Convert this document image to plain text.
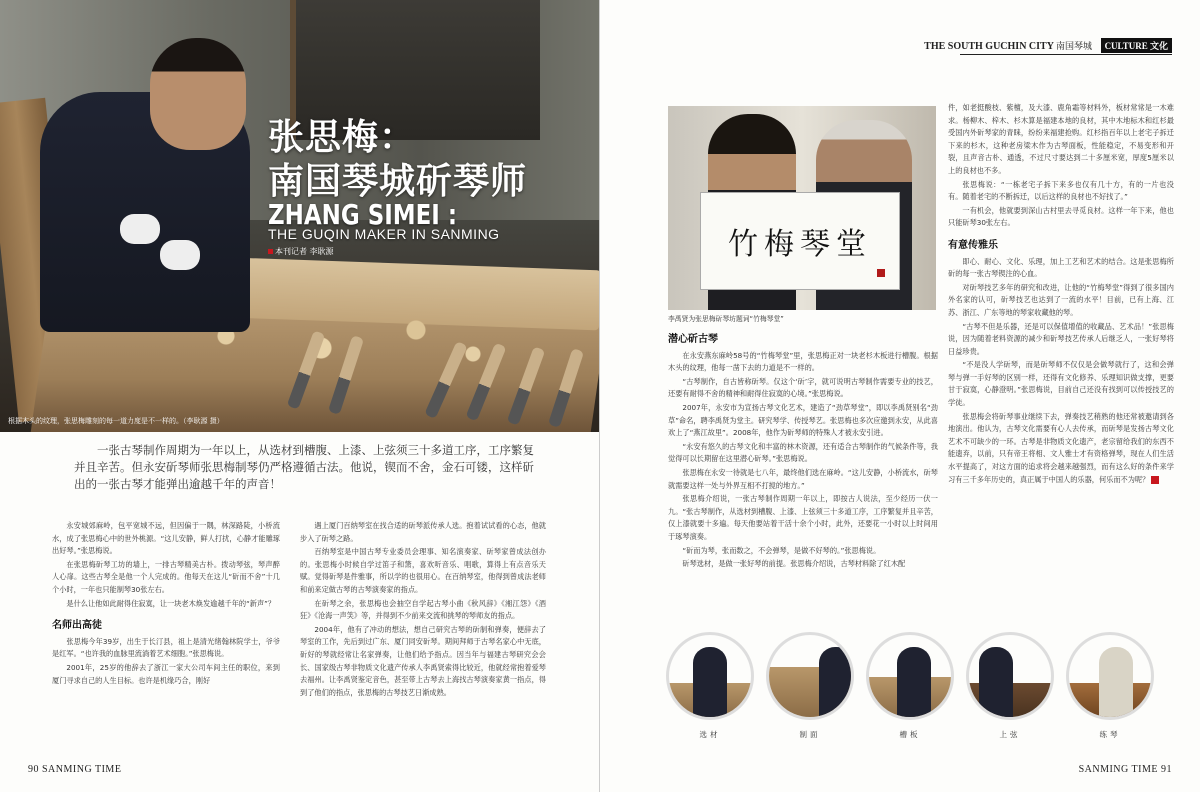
张思梅：
南国琴城斫琴师
ZHANG SIMEI :
THE GUQIN MAKER IN SANMING
本刊记者 李耿源
根据木头的纹理，张思梅雕刻的每一道力度是不一样的。（李耿源 摄）

一张古琴制作周期为一年以上，从选材到槽腹、上漆、上弦须三十多道工序，工序繁复并且辛苦。但永安斫琴师张思梅制琴仍严格遵循古法。他说，锲而不舍，金石可镂，这样斫出的一张古琴才能弹出逾越千年的声音！

永安城郊麻岭，包平宽城不远，但因偏于一隅，林深路陡，小桥流水，成了张思梅心中的世外桃源。“这儿安静，鲜人打扰，心静才能雕琢出好琴。”张思梅说。

在张思梅斫琴工坊的墙上，一排古琴精美古朴。拨动琴弦，琴声醉人心扉。这些古琴全是他一个人完成的。他每天在这儿“斫而不舍”十几个小时，一年也只能制琴30张左右。

是什么让他如此耐得住寂寞，让一块老木焕发逾越千年的“新声”？

名师出高徒

张思梅今年39岁，出生于长汀县，祖上是清光绪翰林院学士，爷爷是红军。“也许我的血脉里流淌着艺术细胞。”张思梅说。

2001年，25岁的他辞去了浙江一家大公司车间主任的职位，来到厦门寻求自己的人生目标。也许是机缘巧合，刚好

遇上厦门百纳琴室在找合适的斫琴派传承人选。抱着试试看的心态，他就步入了斫琴之路。

百纳琴室是中国古琴专业委员会理事、知名演奏家、斫琴家曾成法创办的。张思梅小时候自学过笛子和箫，喜欢听音乐、唱歌，算得上有点音乐天赋。觉得斫琴是件雅事，所以学的也很用心。在百纳琴室，他得到曾成法老师和前来定做古琴的古琴演奏家的指点。

在斫琴之余，张思梅也会抽空自学起古琴小曲《秋风辞》《湘江怨》《酒狂》《沧海一声笑》等，并得到不少前来交流和挑琴的琴师友的指点。

2004年，他有了冲动的想法，想自己研究古琴的斫制和弹奏，便辞去了琴室的工作，先后到过广东、厦门同安斫琴。期间拜师于古琴名家心中无底，斫好的琴就经常让名家弹奏，让他们给予指点。因当年与福建古琴研究会会长、国家级古琴非物质文化遗产传承人李禹贤索得比较近，他就经常抱着爱琴去福州。让李禹贤鉴定音色，甚至带上古琴去上海找古琴演奏家黄一指点，得到了他们的指点，张思梅的古琴技艺日渐成熟。

90 SANMING TIME
THE SOUTH GUCHIN CITY 南国琴城 CULTURE 文化
竹梅琴堂
李禹贤为张思梅斫琴坊题词“竹梅琴堂”
潜心斫古琴

在永安燕东麻岭58号的“竹梅琴堂”里，张思梅正对一块老杉木板进行槽腹。根据木头的纹理，他每一凿下去的力道是不一样的。

“古琴制作，自古皆称斫琴。仅这个‘斫’字，就可说明古琴制作需要专业的技艺，还要有耐得不舍的精神和耐得住寂寞的心境。”张思梅说。

2007年，永安市为宣扬古琴文化艺术，建造了“劲草琴堂”，即以李禹贤别名“劲草”命名，聘李禹贤为堂主。研究琴学、传授琴艺。张思梅也多次应邀到永安，从此喜欢上了“燕江故里”。2008年，他作为斫琴师的特殊人才被永安引进。

“永安有悠久的古琴文化和丰富的林木资源，还有适合古琴制作的气候条件等，我觉得可以长期留在这里潜心斫琴。”张思梅说。

张思梅在永安一待就是七八年，最终他们选在麻岭。“这儿安静，小桥流水，斫琴就需要这样一处与外界互相不打搅的地方。”

张思梅介绍说，一张古琴制作周期一年以上，即按古人说法，至少经历一伏一九。“张古琴制作，从选材到槽腹、上漆、上弦须三十多道工序，工序繁复并且辛苦，仅上漆就要十多遍。每天他要站着干活十余个小时，此外，还要花一小时以上时间用于琢琴演奏。

“斫而为琴，张而数之，不会弹琴，是做不好琴的。”张思梅说。

斫琴选材，是做一张好琴的前提。张思梅介绍说，古琴材料除了红木配

件，如老挺酸枝、紫檀，及大漆、鹿角霜等材料外，板材常常是一木难求。杨柳木、梓木、杉木算是福建本地的良材，其中木地标木和红杉最受国内外斫琴家的青睐，纷纷来福建抢购。红杉指百年以上老宅子拆迁下来的杉木，这种老房梁木作为古琴面板，性能稳定，不易变形和开裂，且声音古朴、通透，不过尺寸要达到二十多厘米宽，厚度5厘米以上的良材也不多。

张思梅说：“一栋老宅子拆下来多也仅有几十方，有的一片也没有。随着老宅的不断拆迁，以后这样的良材也不好找了。”

一有机会，他就要到深山古村里去寻觅良材。这样一年下来，他也只能斫琴30张左右。

有意传雅乐

即心、耐心、文化、乐理，加上工艺和艺术的结合。这是张思梅所斫的每一张古琴锲注的心血。

对斫琴技艺多年的研究和改进，让他的“竹梅琴堂”得到了很多国内外名家的认可，斫琴技艺也达到了一流的水平！目前，已有上海、江苏、浙江、广东等地的琴家收藏他的琴。

“古琴不但是乐器，还是可以保值增值的收藏品、艺术品！”张思梅说，因为随着老料资源的减少和斫琴技艺传承人后继乏人，一张好琴将日益珍贵。

“不是没人学斫琴，而是斫琴师不仅仅是会做琴就行了，这和会弹琴与弹一手好琴的区别一样，还得有文化修养、乐理知识做支撑，更要甘于寂寞，心静澄明。”张思梅说，目前自己还没有找到可以传授技艺的学徒。

张思梅会将斫琴事业继续下去，弹奏技艺稍熟的他还常被邀请到各地演出。他认为，古琴文化需要有心人去传承，而斫琴是发扬古琴文化艺术不可缺少的一环。古琴是非物质文化遗产，老宗留给我们的东西不能遗弃，以前，只有帝王将相、文人雅士才有资格弹琴，现在人们生活水平提高了，对这方面的追求将会越来越强烈，而有这么好的条件来学习有三千多年历史的，真正属于中国人的乐器，何乐而不为呢？

选材	制面	槽板	上弦	练琴
SANMING TIME 91
